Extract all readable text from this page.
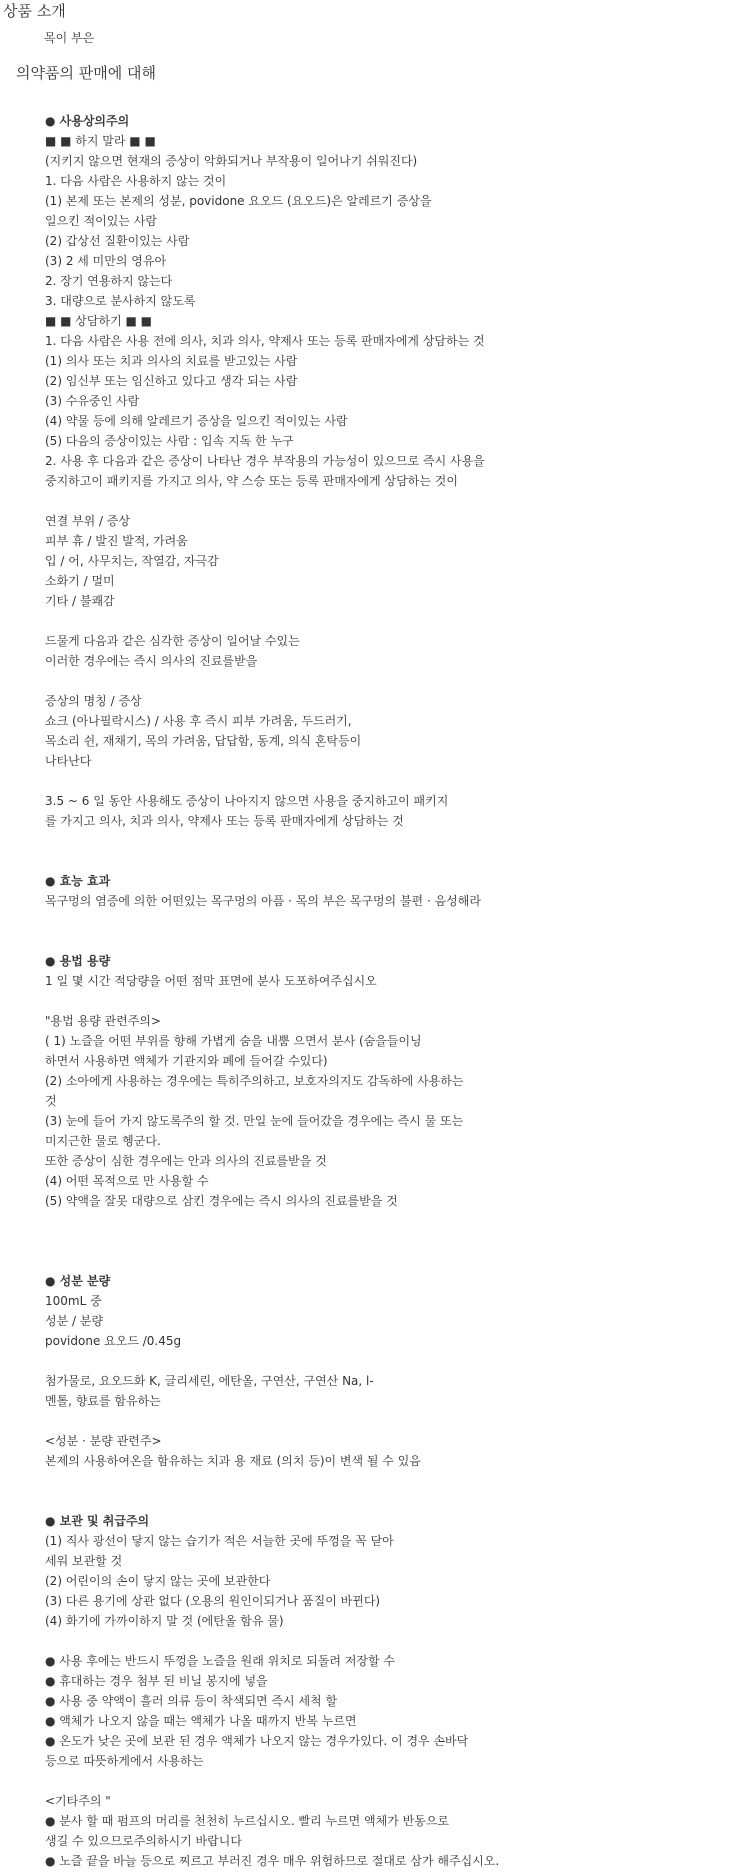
상품 소개
목이 부은
의약품의 판매에 대해
● 사용상의주의
■ ■ 하지 말라 ■ ■
(지키지 않으면 현재의 증상이 악화되거나 부작용이 일어나기 쉬워진다)
1. 다음 사람은 사용하지 않는 것이
(1) 본제 또는 본제의 성분, povidone 요오드 (요오드)은 알레르기 증상을
일으킨 적이있는 사람
(2) 갑상선 질환이있는 사람
(3) 2 세 미만의 영유아
2. 장기 연용하지 않는다
3. 대량으로 분사하지 않도록
■ ■ 상담하기 ■ ■
1. 다음 사람은 사용 전에 의사, 치과 의사, 약제사 또는 등록 판매자에게 상담하는 것
(1) 의사 또는 치과 의사의 치료를 받고있는 사람
(2) 임신부 또는 임신하고 있다고 생각 되는 사람
(3) 수유중인 사람
(4) 약물 등에 의해 알레르기 증상을 일으킨 적이있는 사람
(5) 다음의 증상이있는 사람 : 입속 지독 한 누구
2. 사용 후 다음과 같은 증상이 나타난 경우 부작용의 가능성이 있으므로 즉시 사용을
중지하고이 패키지를 가지고 의사, 약 스승 또는 등록 판매자에게 상담하는 것이
연결 부위 / 증상
피부 휴 / 발진 발적, 가려움
입 / 어, 사무치는, 작열감, 자극감
소화기 / 멀미
기타 / 불쾌감
드물게 다음과 같은 심각한 증상이 일어날 수있는
이러한 경우에는 즉시 의사의 진료를받을
증상의 명칭 / 증상
쇼크 (아나필락시스) / 사용 후 즉시 피부 가려움, 두드러기,
목소리 쉰, 재채기, 목의 가려움, 답답함, 동계, 의식 혼탁등이
나타난다
3.5 ~ 6 일 동안 사용해도 증상이 나아지지 않으면 사용을 중지하고이 패키지
를 가지고 의사, 치과 의사, 약제사 또는 등록 판매자에게 상담하는 것
● 효능 효과
목구멍의 염증에 의한 어떤있는 목구멍의 아픔 · 목의 부은 목구멍의 불편 · 음성해라
● 용법 용량
1 일 몇 시간 적당량을 어떤 점막 표면에 분사 도포하여주십시오
"용법 용량 관련주의>
( 1) 노즐을 어떤 부위를 향해 가볍게 숨을 내뿜 으면서 분사 (숨을들이닝
하면서 사용하면 액체가 기관지와 폐에 들어갈 수있다)
(2) 소아에게 사용하는 경우에는 특히주의하고, 보호자의지도 감독하에 사용하는
것
(3) 눈에 들어 가지 않도록주의 할 것. 만일 눈에 들어갔을 경우에는 즉시 물 또는
미지근한 물로 헹군다.
또한 증상이 심한 경우에는 안과 의사의 진료를받을 것
(4) 어떤 목적으로 만 사용할 수
(5) 약액을 잘못 대량으로 삼킨 경우에는 즉시 의사의 진료를받을 것
● 성분 분량
100mL 중
성분 / 분량
povidone 요오드 /0.45g
첨가물로, 요오드화 K, 글리세린, 에탄올, 구연산, 구연산 Na, l-
멘톨, 향료를 함유하는
<성분 · 분량 관련주>
본제의 사용하여온을 함유하는 치과 용 재료 (의치 등)이 변색 될 수 있음
● 보관 및 취급주의
(1) 직사 광선이 닿지 않는 습기가 적은 서늘한 곳에 뚜껑을 꼭 닫아
세워 보관할 것
(2) 어린이의 손이 닿지 않는 곳에 보관한다
(3) 다른 용기에 상관 없다 (오용의 원인이되거나 품질이 바뀐다)
(4) 화기에 가까이하지 말 것 (에탄올 함유 물)
● 사용 후에는 반드시 뚜껑을 노즐을 원래 위치로 되돌려 저장할 수
● 휴대하는 경우 첨부 된 비닐 봉지에 넣을
● 사용 중 약액이 흘러 의류 등이 착색되면 즉시 세척 할
● 액체가 나오지 않을 때는 액체가 나올 때까지 반복 누르면
● 온도가 낮은 곳에 보관 된 경우 액체가 나오지 않는 경우가있다. 이 경우 손바닥
등으로 따뜻하게에서 사용하는
<기타주의 "
● 분사 할 때 펌프의 머리를 천천히 누르십시오. 빨리 누르면 액체가 반동으로
생길 수 있으므로주의하시기 바랍니다
● 노즐 끝을 바늘 등으로 찌르고 부러진 경우 매우 위험하므로 절대로 삼가 해주십시오.
